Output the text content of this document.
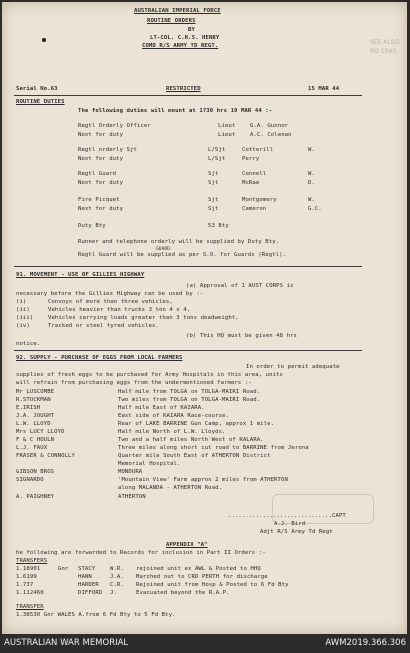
SEE ALSO RO 1943
AUSTRALIAN IMPERIAL FORCE
ROUTINE ORDERS
BY
LT-COL. C.H.S. HENRY
COMD R/S ARMY TD REGT.
Serial No.63	RESTRICTED	15 MAR 44
ROUTINE DUTIES
The following duties will mount at 1730 hrs 19 MAR 44 :-
Regtl Orderly Officer	Lieut	G.A. Gunnor
Next for duty	Lieut	A.C. Colenan
Regtl orderly Sjt	L/Sjt	Cotterill	W.
Next for duty	L/Sjt	Perry
Regtl Guard	Sjt	Connell	W.
Next for duty	Sjt	McRae	D.
Fire Picquet	Sjt	Montgomery	W.
Next for duty	Sjt	Cameron	G.C.
Duty Bty	53 Bty
Runner and telephone orderly will be supplied by Duty Bty.
GUARD
Regtl Guard will be supplied as per S.O. for Guards (Regtl).
91. MOVEMENT - USE OF GILLIES HIGHWAY
(a) Approval of 1 AUST CORPS is
necessary before the Gillies Highway can be used by :-
(i)	Convoys of more than three vehicles,
(ii)	Vehicles heavier than trucks 3 ton 4 x 4,
(iii)	Vehicles carrying loads greater than 3 tons deadweight,
(iv)	Tracked or steel tyred vehicles.
(b) This HQ must be given 48 hrs
notice.
92. SUPPLY - PURCHASE OF EGGS FROM LOCAL FARMERS
In order to permit adequate
supplies of fresh eggs to be purchased for Army Hospitals in this area, units
will refrain from purchasing eggs from the undermentioned farmers :-
Mr LUSCOMBE	Half mile from TOLGA on TOLGA-MAIRI Road.
R.STOCKMAN	Two miles from TOLGA on TOLGA-MAIRI Road.
E.IRISH	Half mile East of KAIARA.
J.A. JOUGHT	East side of KAIARA Race-course.
L.W. LLOYD	Rear of LAKE BARRINE Gun Camp, approx 1 mile.
Mrs LUCY LLOYD	Half mile North of L.W. Lloyds.
F & C HOULN	Two and a half miles North West of KALARA.
L.J. FAUX	Three miles along short cut road to BARRINE from Jerona
FRASER & CONNOLLY	Quarter mile South East of ATHERTON District
Memorial Hospital.
GIBSON BROS	MONDURA
SIGNARDO	'Mountain View' Farm approx 2 miles from ATHERTON
along MALANDA - ATHERTON Road.
A. PAIGHNEY	ATHERTON
..............................CAPT
A.J. Bird
Adjt R/S Army Td Regt
APPENDIX "A"
he following are forwarded to Records for inclusion in Part II Orders :-
TRANSFERS
1.18901	Gnr STACY	W.R. rejoined unit ex AWL & Posted to HHQ
1.6199	HANN	J.A. Marched out to CRD PERTH for discharge
1.737	HARDER C.R. Rejoined unit from Hosp & Posted to 6 Fd Bty
1.112460	DIFFORD J.	Evacuated beyond the R.A.P.
TRANSFER
1.38530 Gnr WALES A.from 6 Fd Bty to 5 Fd Bty.
AUSTRALIAN WAR MEMORIAL	AWM2019.366.306
